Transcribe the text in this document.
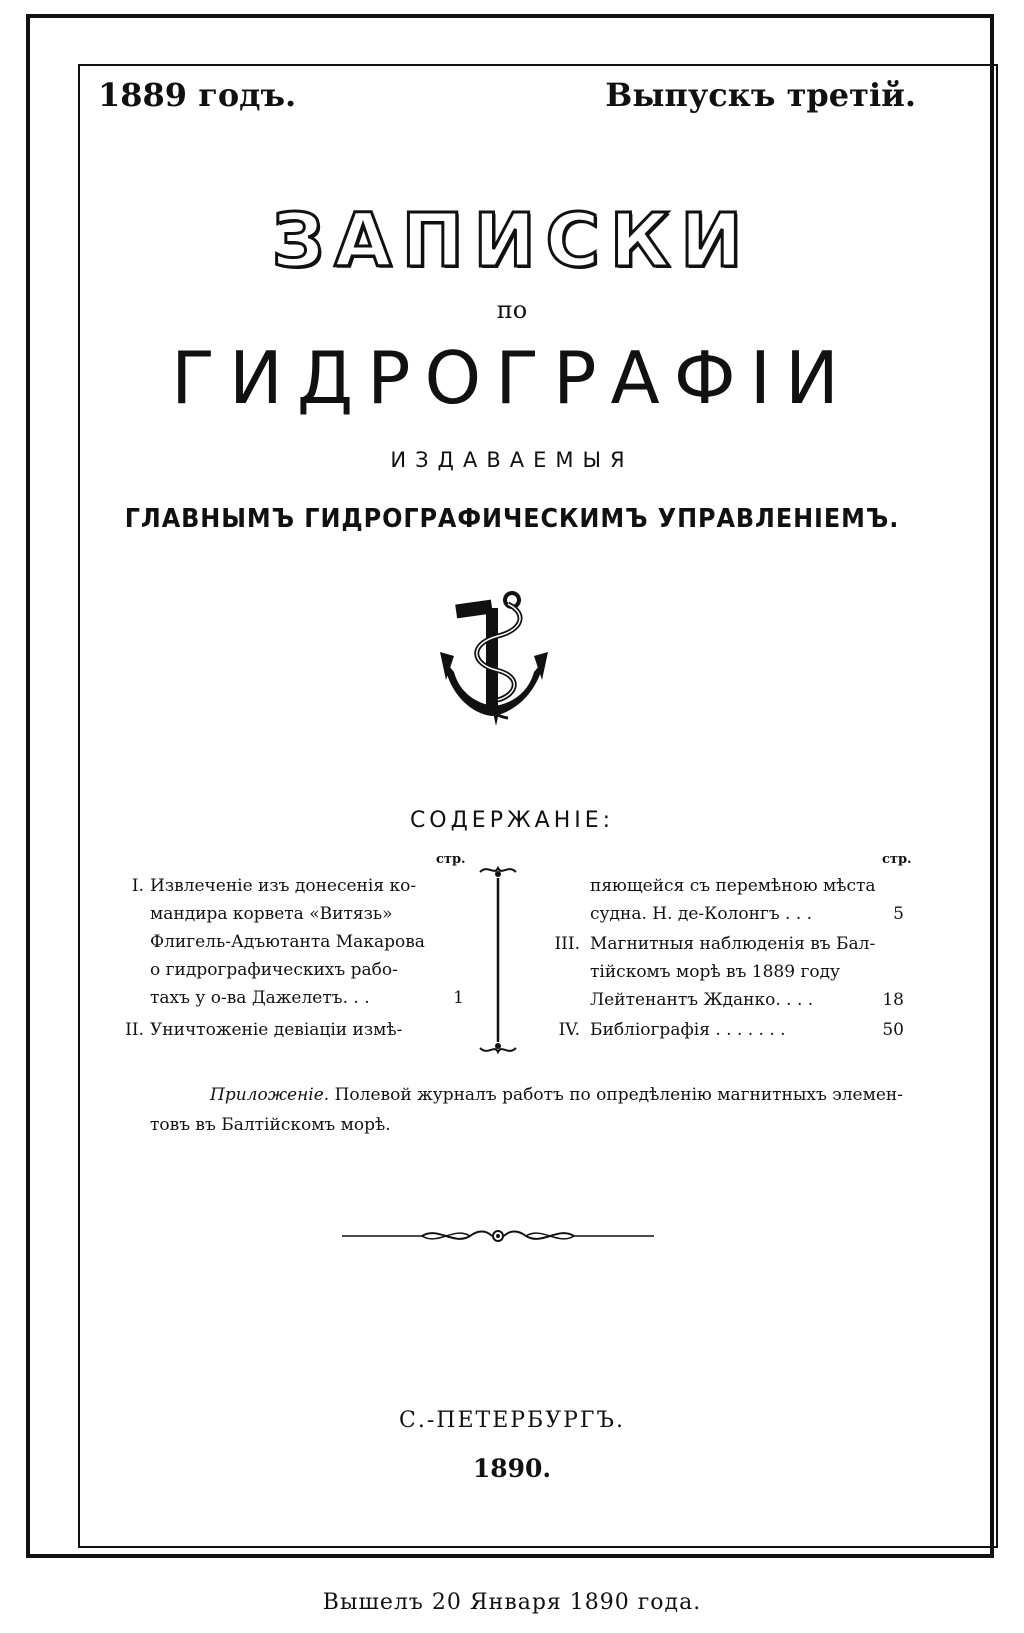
1889 годъ.	Выпускъ третій.
ЗАПИСКИ
по
ГИДРОГРАФІИ
ИЗДАВАЕМЫЯ
ГЛАВНЫМЪ ГИДРОГРАФИЧЕСКИМЪ УПРАВЛЕНІЕМЪ.
СОДЕРЖАНІЕ:
стр.	стр.
I. Извлеченіе изъ донесенія ко-
мандира корвета «Витязь»
Флигель-Адъютанта Макарова
о гидрографическихъ рабо-
тахъ у о-ва Дажелетъ. . .	1
II. Уничтоженіе девіаціи измѣ-
пяющейся съ перемѣною мѣста
судна. Н. де-Колонгъ . . .	5
III. Магнитныя наблюденія въ Бал-
тійскомъ морѣ въ 1889 году
Лейтенантъ Жданко. . . .	18
IV. Библіографія . . . . . . .	50
Приложеніе. Полевой журналъ работъ по опредѣленію магнитныхъ элемен-
товъ въ Балтійскомъ морѣ.
С.-ПЕТЕРБУРГЪ.
1890.
Вышелъ 20 Января 1890 года.
